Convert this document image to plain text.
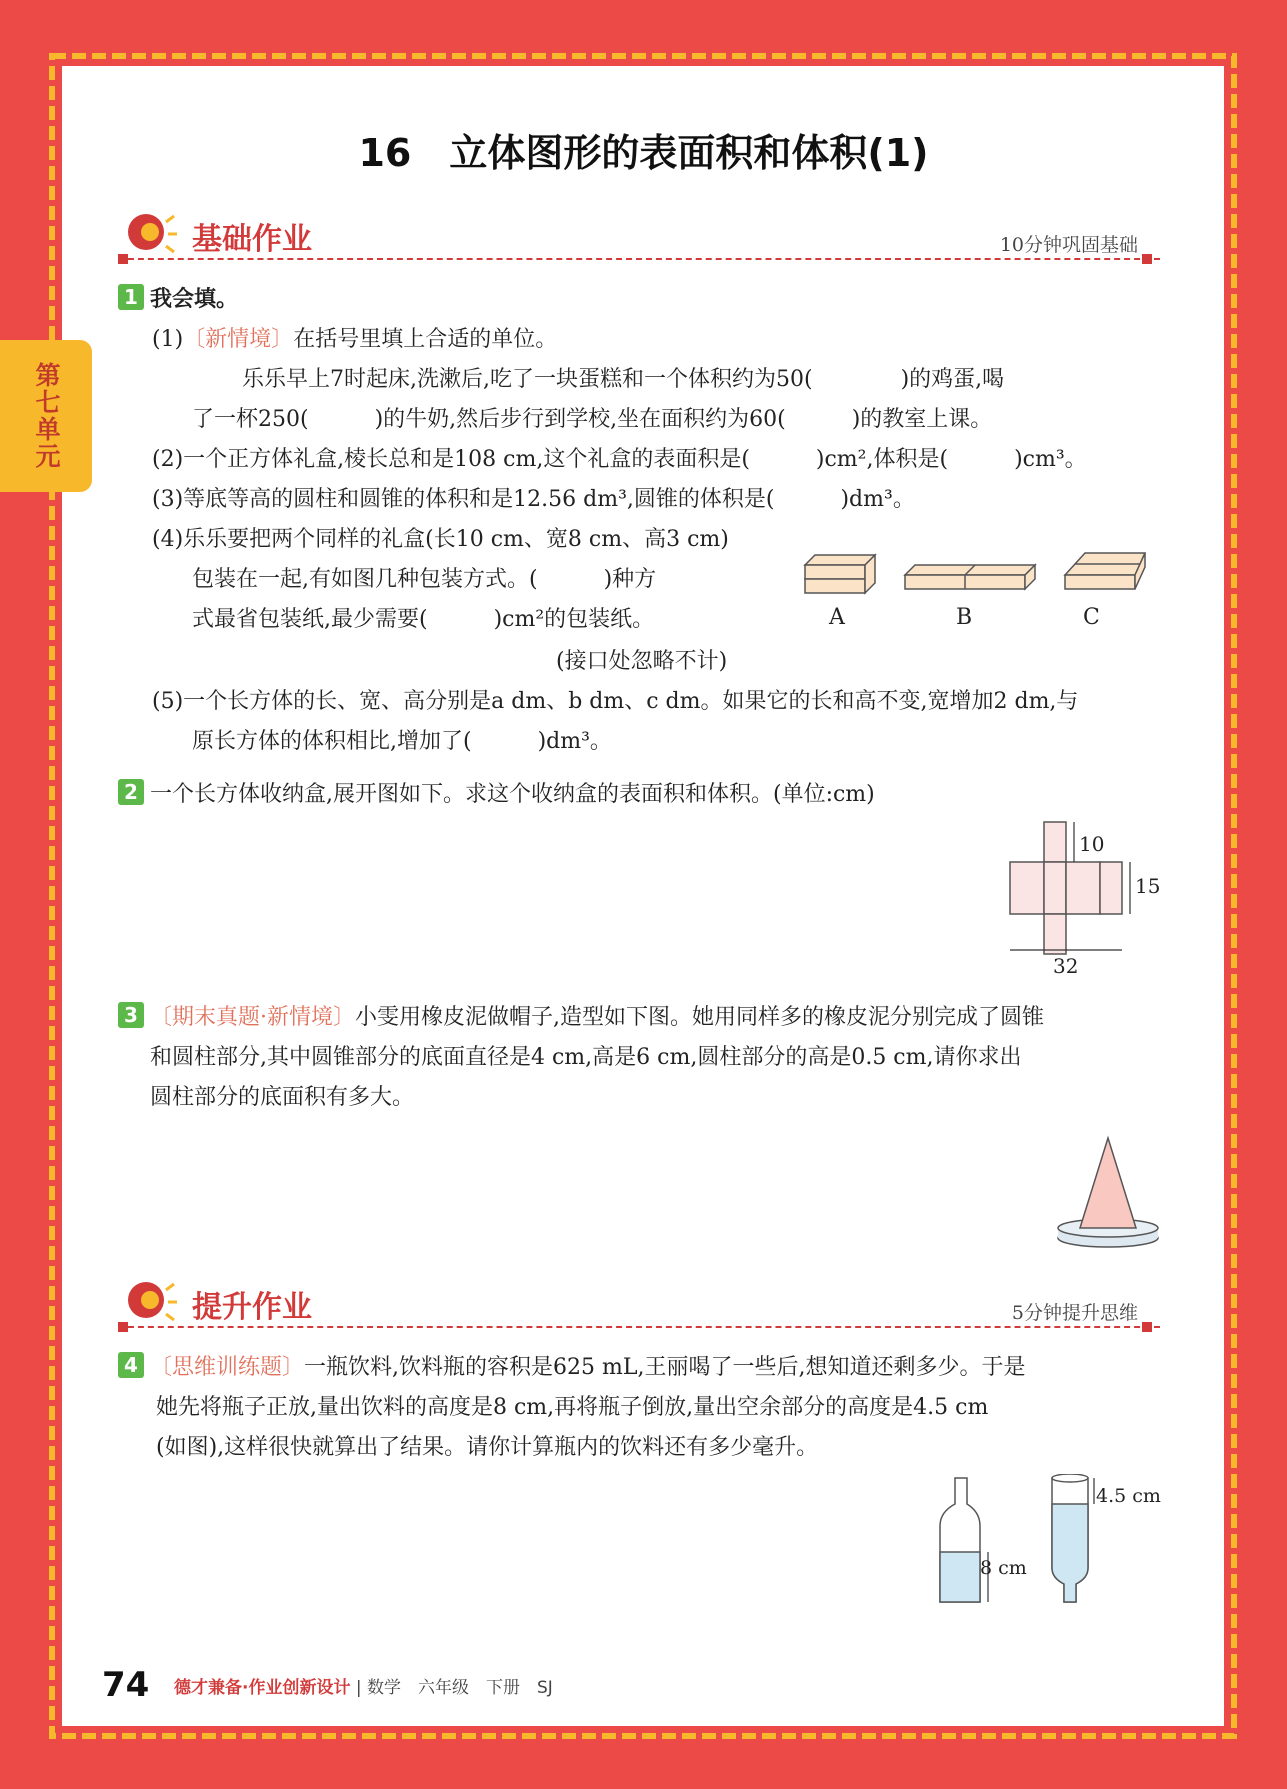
第七单元
16　立体图形的表面积和体积(1)
基础作业	10分钟巩固基础
1 我会填。
(1)〔新情境〕在括号里填上合适的单位。
乐乐早上7时起床,洗漱后,吃了一块蛋糕和一个体积约为50(　　　　)的鸡蛋,喝
了一杯250(　　　)的牛奶,然后步行到学校,坐在面积约为60(　　　)的教室上课。
(2)一个正方体礼盒,棱长总和是108 cm,这个礼盒的表面积是(　　　)cm²,体积是(　　　)cm³。
(3)等底等高的圆柱和圆锥的体积和是12.56 dm³,圆锥的体积是(　　　)dm³。
(4)乐乐要把两个同样的礼盒(长10 cm、宽8 cm、高3 cm)
包装在一起,有如图几种包装方式。(　　　)种方
式最省包装纸,最少需要(　　　)cm²的包装纸。
(接口处忽略不计)
A	B	C
(5)一个长方体的长、宽、高分别是a dm、b dm、c dm。如果它的长和高不变,宽增加2 dm,与
原长方体的体积相比,增加了(　　　)dm³。
2 一个长方体收纳盒,展开图如下。求这个收纳盒的表面积和体积。(单位:cm)
10
15
32
3 〔期末真题·新情境〕小雯用橡皮泥做帽子,造型如下图。她用同样多的橡皮泥分别完成了圆锥
和圆柱部分,其中圆锥部分的底面直径是4 cm,高是6 cm,圆柱部分的高是0.5 cm,请你求出
圆柱部分的底面积有多大。
提升作业	5分钟提升思维
4 〔思维训练题〕一瓶饮料,饮料瓶的容积是625 mL,王丽喝了一些后,想知道还剩多少。于是
她先将瓶子正放,量出饮料的高度是8 cm,再将瓶子倒放,量出空余部分的高度是4.5 cm
(如图),这样很快就算出了结果。请你计算瓶内的饮料还有多少毫升。
8 cm
4.5 cm
74 德才兼备·作业创新设计 | 数学　六年级　下册　SJ
